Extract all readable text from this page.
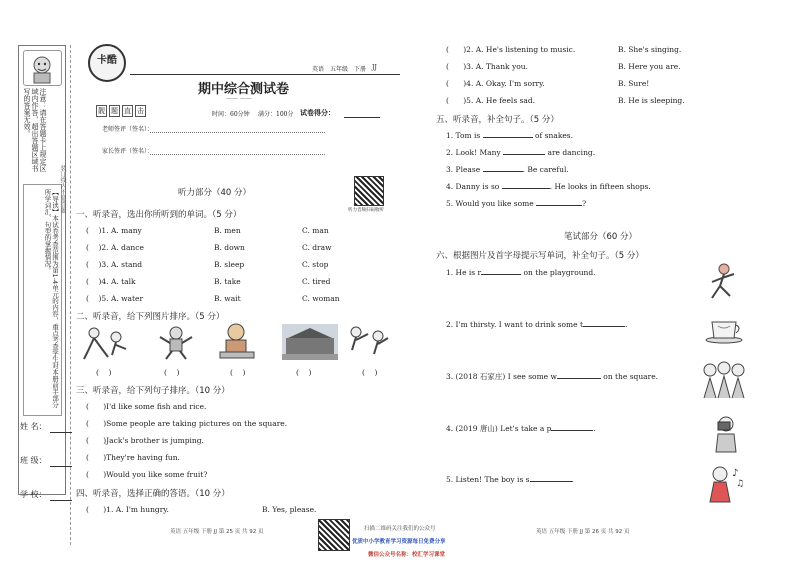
注意：请在答题卡上规定区域内作答，超出答题区域书写的答案无效。
【导读】本试卷考查范围为第1-4单元的内容，重点考查学生对本册前半部分所学词汇、句型的掌握情况。	装订线内不要答题
姓 名：
班 级：
学 校：
卡酷
期中综合测试卷
—— ——
英语 五年级 下册 JJ
靓 题 直 击	时间：60分钟 满分：100分 试卷得分：
老师签评（签名）：
家长签评（签名）：
听力音频扫码收听
听力部分（40 分）
一、听录音，选出你所听到的单词。（5 分）
(    )1. A. many	B. men	C. man
(    )2. A. dance	B. down	C. draw
(    )3. A. stand	B. sleep	C. stop
(    )4. A. talk	B. take	C. tired
(    )5. A. water	B. wait	C. woman
二、听录音，给下列图片排序。（5 分）
(    )	(    )	(    )	(    )	(    )
三、听录音，给下列句子排序。（10 分）
(      )I'd like some fish and rice.
(      )Some people are taking pictures on the square.
(      )Jack's brother is jumping.
(      )They're having fun.
(      )Would you like some fruit?
四、听录音，选择正确的答语。（10 分）
(      )1. A. I'm hungry.	B. Yes, please.
(      )2. A. He's listening to music.	B. She's singing.
(      )3. A. Thank you.	B. Here you are.
(      )4. A. Okay. I'm sorry.	B. Sure!
(      )5. A. He feels sad.	B. He is sleeping.
五、听录音，补全句子。（5 分）
1. Tom is	of snakes.
2. Look! Many	are dancing.
3. Please	. Be careful.
4. Danny is so	. He looks in fifteen shops.
5. Would you like some	?
笔试部分（60 分）
六、根据图片及首字母提示写单词，补全句子。（5 分）
1. He is r	on the playground.
2. I'm thirsty. I want to drink some t	.
3. (2018 石家庄) I see some w	on the square.
4. (2019 唐山) Let's take a p	.
5. Listen! The boy is s	.
♪
♫
英语 五年级 下册 JJ 第 25 页 共 92 页	英语 五年级 下册 JJ 第 26 页 共 92 页
扫描二维码关注我们的公众号
优质中小学教育学习资源每日免费分享
微信公众号名称：校汇学习课堂
